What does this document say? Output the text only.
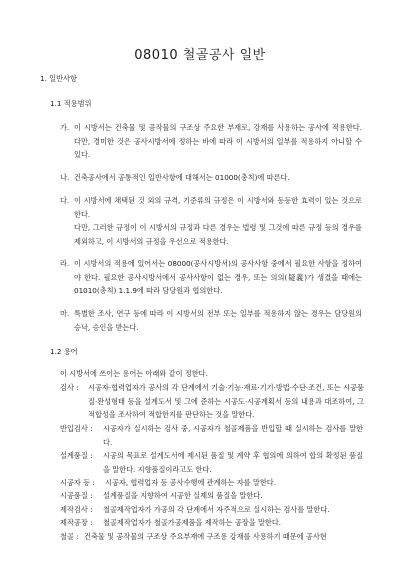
08010 철골공사 일반
1. 일반사항
1.1 적용범위
가. 이 시방서는 건축물 및 공작물의 구조상 주요한 부재로, 강재를 사용하는 공사에 적용한다. 다만, 경미한 것은 공사시방서에 정하는 바에 따라 이 시방서의 일부를 적용하지 아니할 수 있다.
나. 건축공사에서 공통적인 일반사항에 대해서는 01000(총칙)에 따른다.
다. 이 시방서에 채택된 것 외의 규격, 기준류의 규정은 이 시방서와 동등한 효력이 있는 것으로 한다.
다만, 그러한 규정이 이 시방서의 규정과 다른 경우는 법령 및 그것에 따른 규정 등의 경우를 제외하고, 이 시방서의 규정을 우선으로 적용한다.
라. 이 시방서의 적용에 있어서는 08000(공사시방서)의 공사사항 중에서 필요한 사항을 정하여야 한다. 필요한 공사시방서에서 공사사항이 없는 경우, 또는 의의(疑義)가 생겼을 때에는 01010(총칙) 1.1.9에 따라 담당원과 협의한다.
마. 특별한 조사, 연구 등에 따라 이 시방서의 전부 또는 일부를 적용하지 않는 경우는 담당원의 승낙, 승인을 받는다.
1.2 용어
이 시방서에 쓰이는 용어는 아래와 같이 정한다.
검사 : 시공자·협력업자가 공사의 각 단계에서 기술·기능·재료·기기·방법·수단·조건, 또는 시공품질·완성형태 등을 설계도서 및 그에 준하는 시공도·시공계획서 등의 내용과 대조하여, 그 적합성을 조사하여 적합한지를 판단하는 것을 말한다.
반입검사 : 시공자가 실시하는 검사 중, 시공자가 철골제품을 반입할 때 실시하는 검사를 말한다.
설계품질 : 시공의 목표로 설계도서에 제시된 품질 및 계약 후 협의에 의하여 합의 확정된 품질을 말한다. 지향품질이라고도 한다.
시공자 등 : 시공자, 협력업자 등 공사수행에 관계하는 자를 말한다.
시공품질 : 설계품질을 지향하여 시공한 실제의 품질을 말한다.
제작검사 : 철골제작업자가 가공의 각 단계에서 자주적으로 실시하는 검사를 말한다.
제작공장 : 철골제작업자가 철골가공제품을 제작하는 공장을 말한다.
철골 : 건축물 및 공작물의 구조상 주요부재에 구조용 강재를 사용하기 때문에 공사현
